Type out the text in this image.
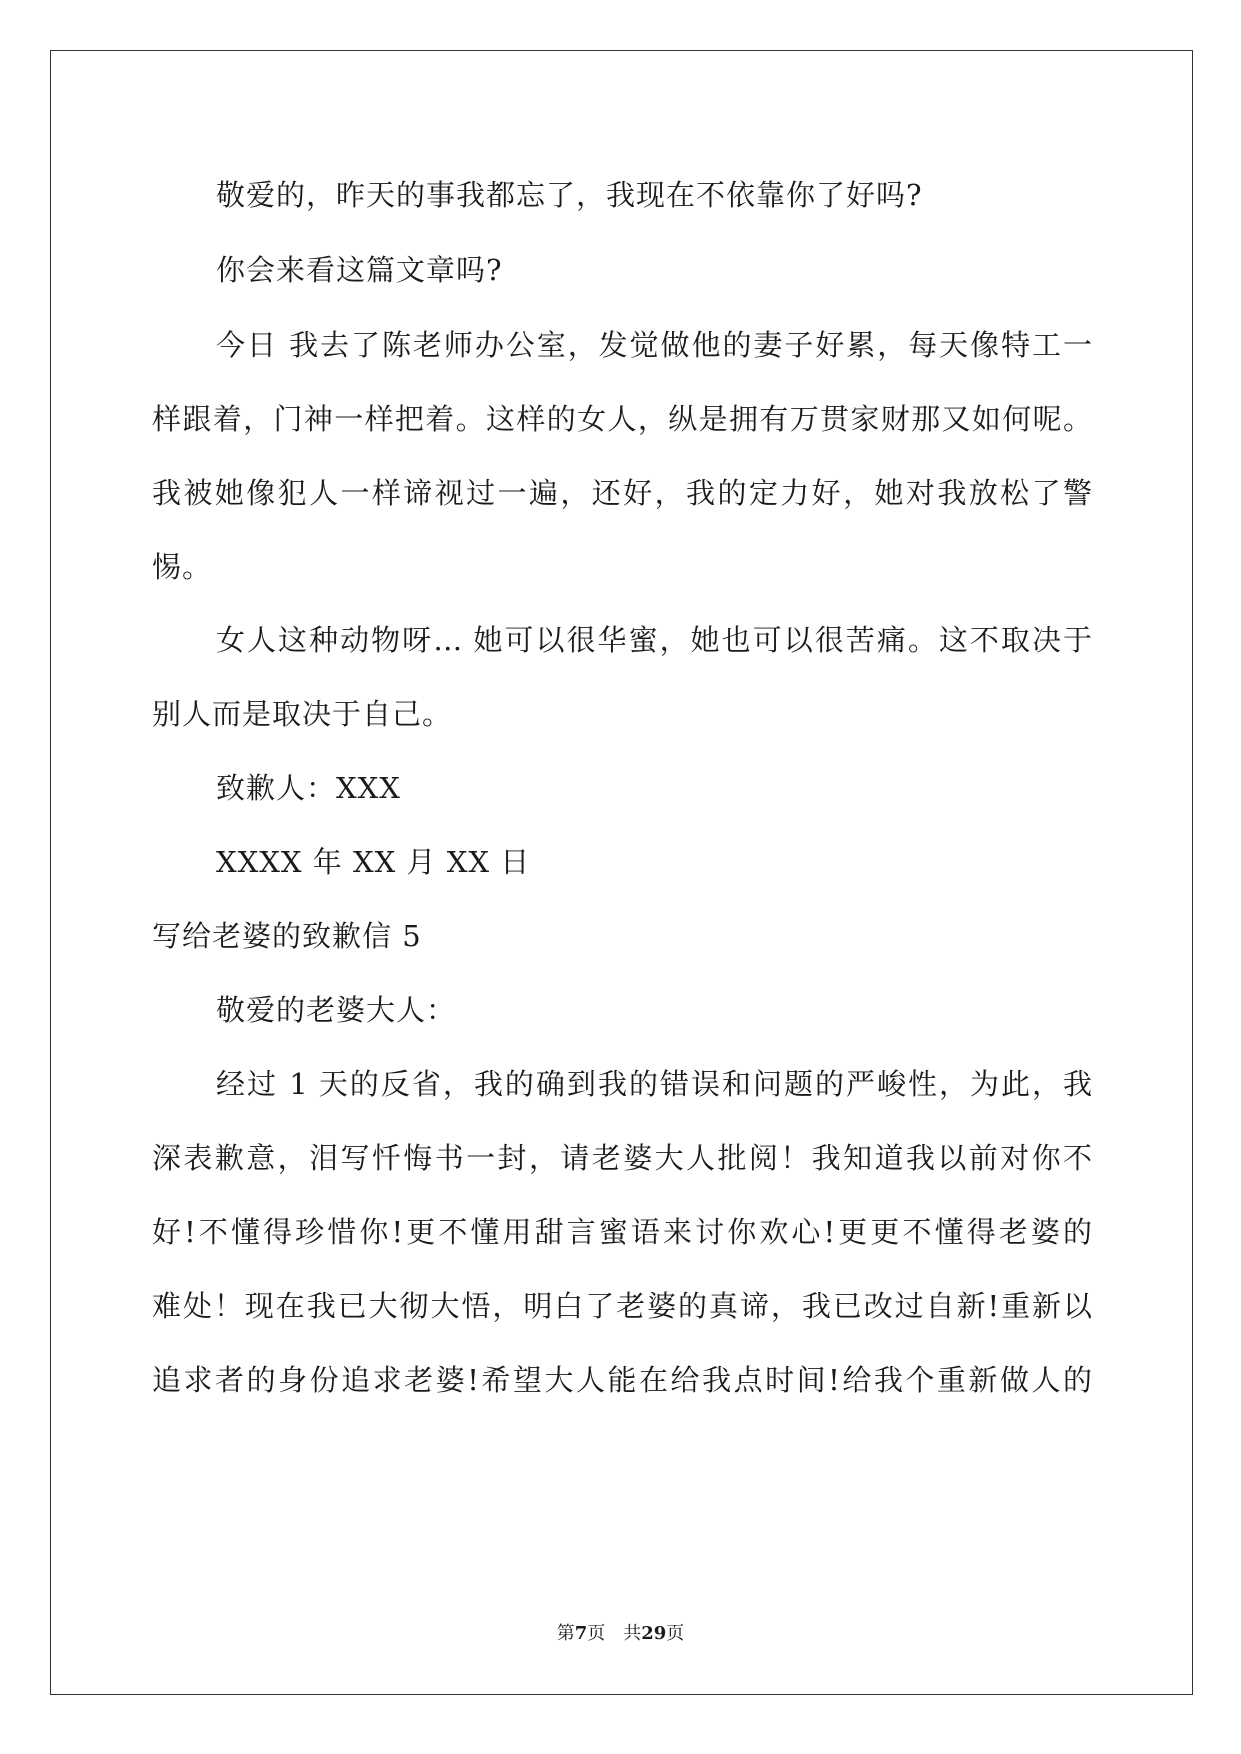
敬爱的，昨天的事我都忘了，我现在不依靠你了好吗?
你会来看这篇文章吗?
今日 我去了陈老师办公室，发觉做他的妻子好累，每天像特工一
样跟着，门神一样把着。这样的女人，纵是拥有万贯家财那又如何呢。
我被她像犯人一样谛视过一遍，还好，我的定力好，她对我放松了警
惕。
女人这种动物呀… 她可以很华蜜，她也可以很苦痛。这不取决于
别人而是取决于自己。
致歉人：XXX
XXXX 年 XX 月 XX 日
写给老婆的致歉信 5
敬爱的老婆大人：
经过 1 天的反省，我的确到我的错误和问题的严峻性，为此，我
深表歉意，泪写忏悔书一封，请老婆大人批阅！我知道我以前对你不
好!不懂得珍惜你!更不懂用甜言蜜语来讨你欢心!更更不懂得老婆的
难处！现在我已大彻大悟，明白了老婆的真谛，我已改过自新!重新以
追求者的身份追求老婆!希望大人能在给我点时间!给我个重新做人的
第7页　共29页
